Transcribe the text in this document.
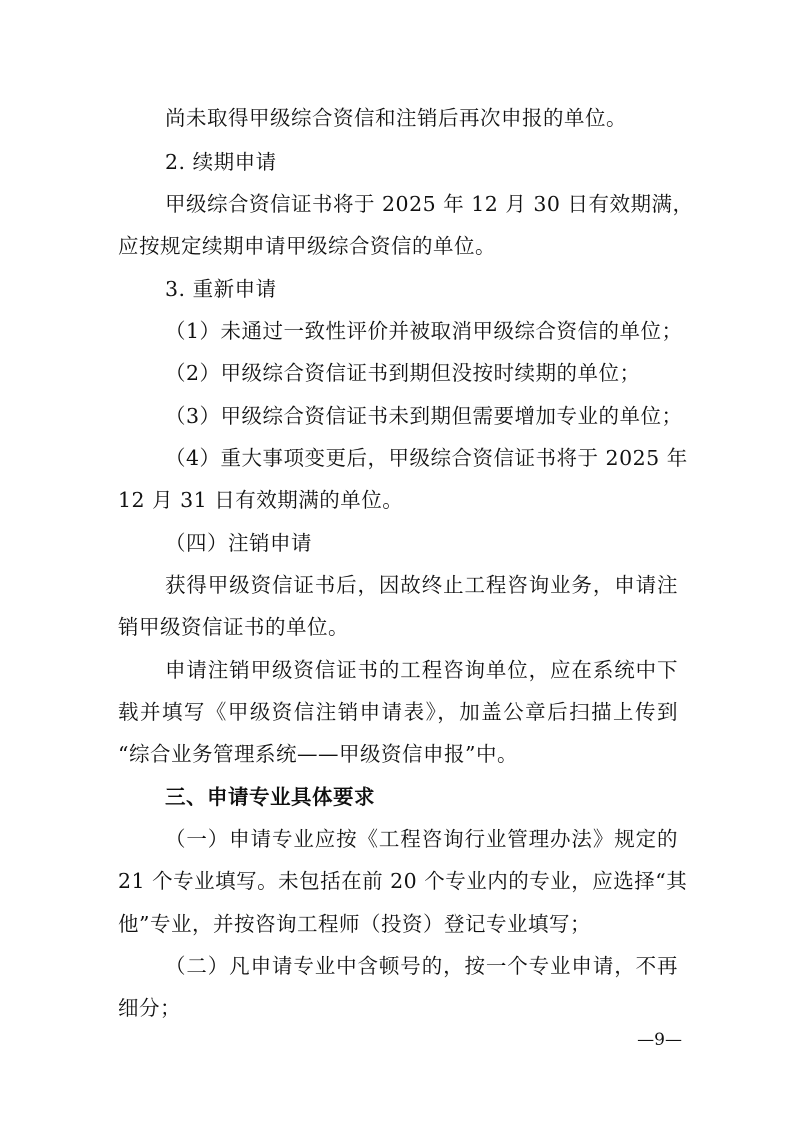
尚未取得甲级综合资信和注销后再次申报的单位。
2. 续期申请
甲级综合资信证书将于 2025 年 12 月 30 日有效期满，
应按规定续期申请甲级综合资信的单位。
3. 重新申请
（1）未通过一致性评价并被取消甲级综合资信的单位；
（2）甲级综合资信证书到期但没按时续期的单位；
（3）甲级综合资信证书未到期但需要增加专业的单位；
（4）重大事项变更后，甲级综合资信证书将于 2025 年
12 月 31 日有效期满的单位。
（四）注销申请
获得甲级资信证书后，因故终止工程咨询业务，申请注
销甲级资信证书的单位。
申请注销甲级资信证书的工程咨询单位，应在系统中下
载并填写《甲级资信注销申请表》，加盖公章后扫描上传到
“综合业务管理系统——甲级资信申报”中。
三、申请专业具体要求
（一）申请专业应按《工程咨询行业管理办法》规定的
21 个专业填写。未包括在前 20 个专业内的专业，应选择“其
他”专业，并按咨询工程师（投资）登记专业填写；
（二）凡申请专业中含顿号的，按一个专业申请，不再
细分；
—9—
